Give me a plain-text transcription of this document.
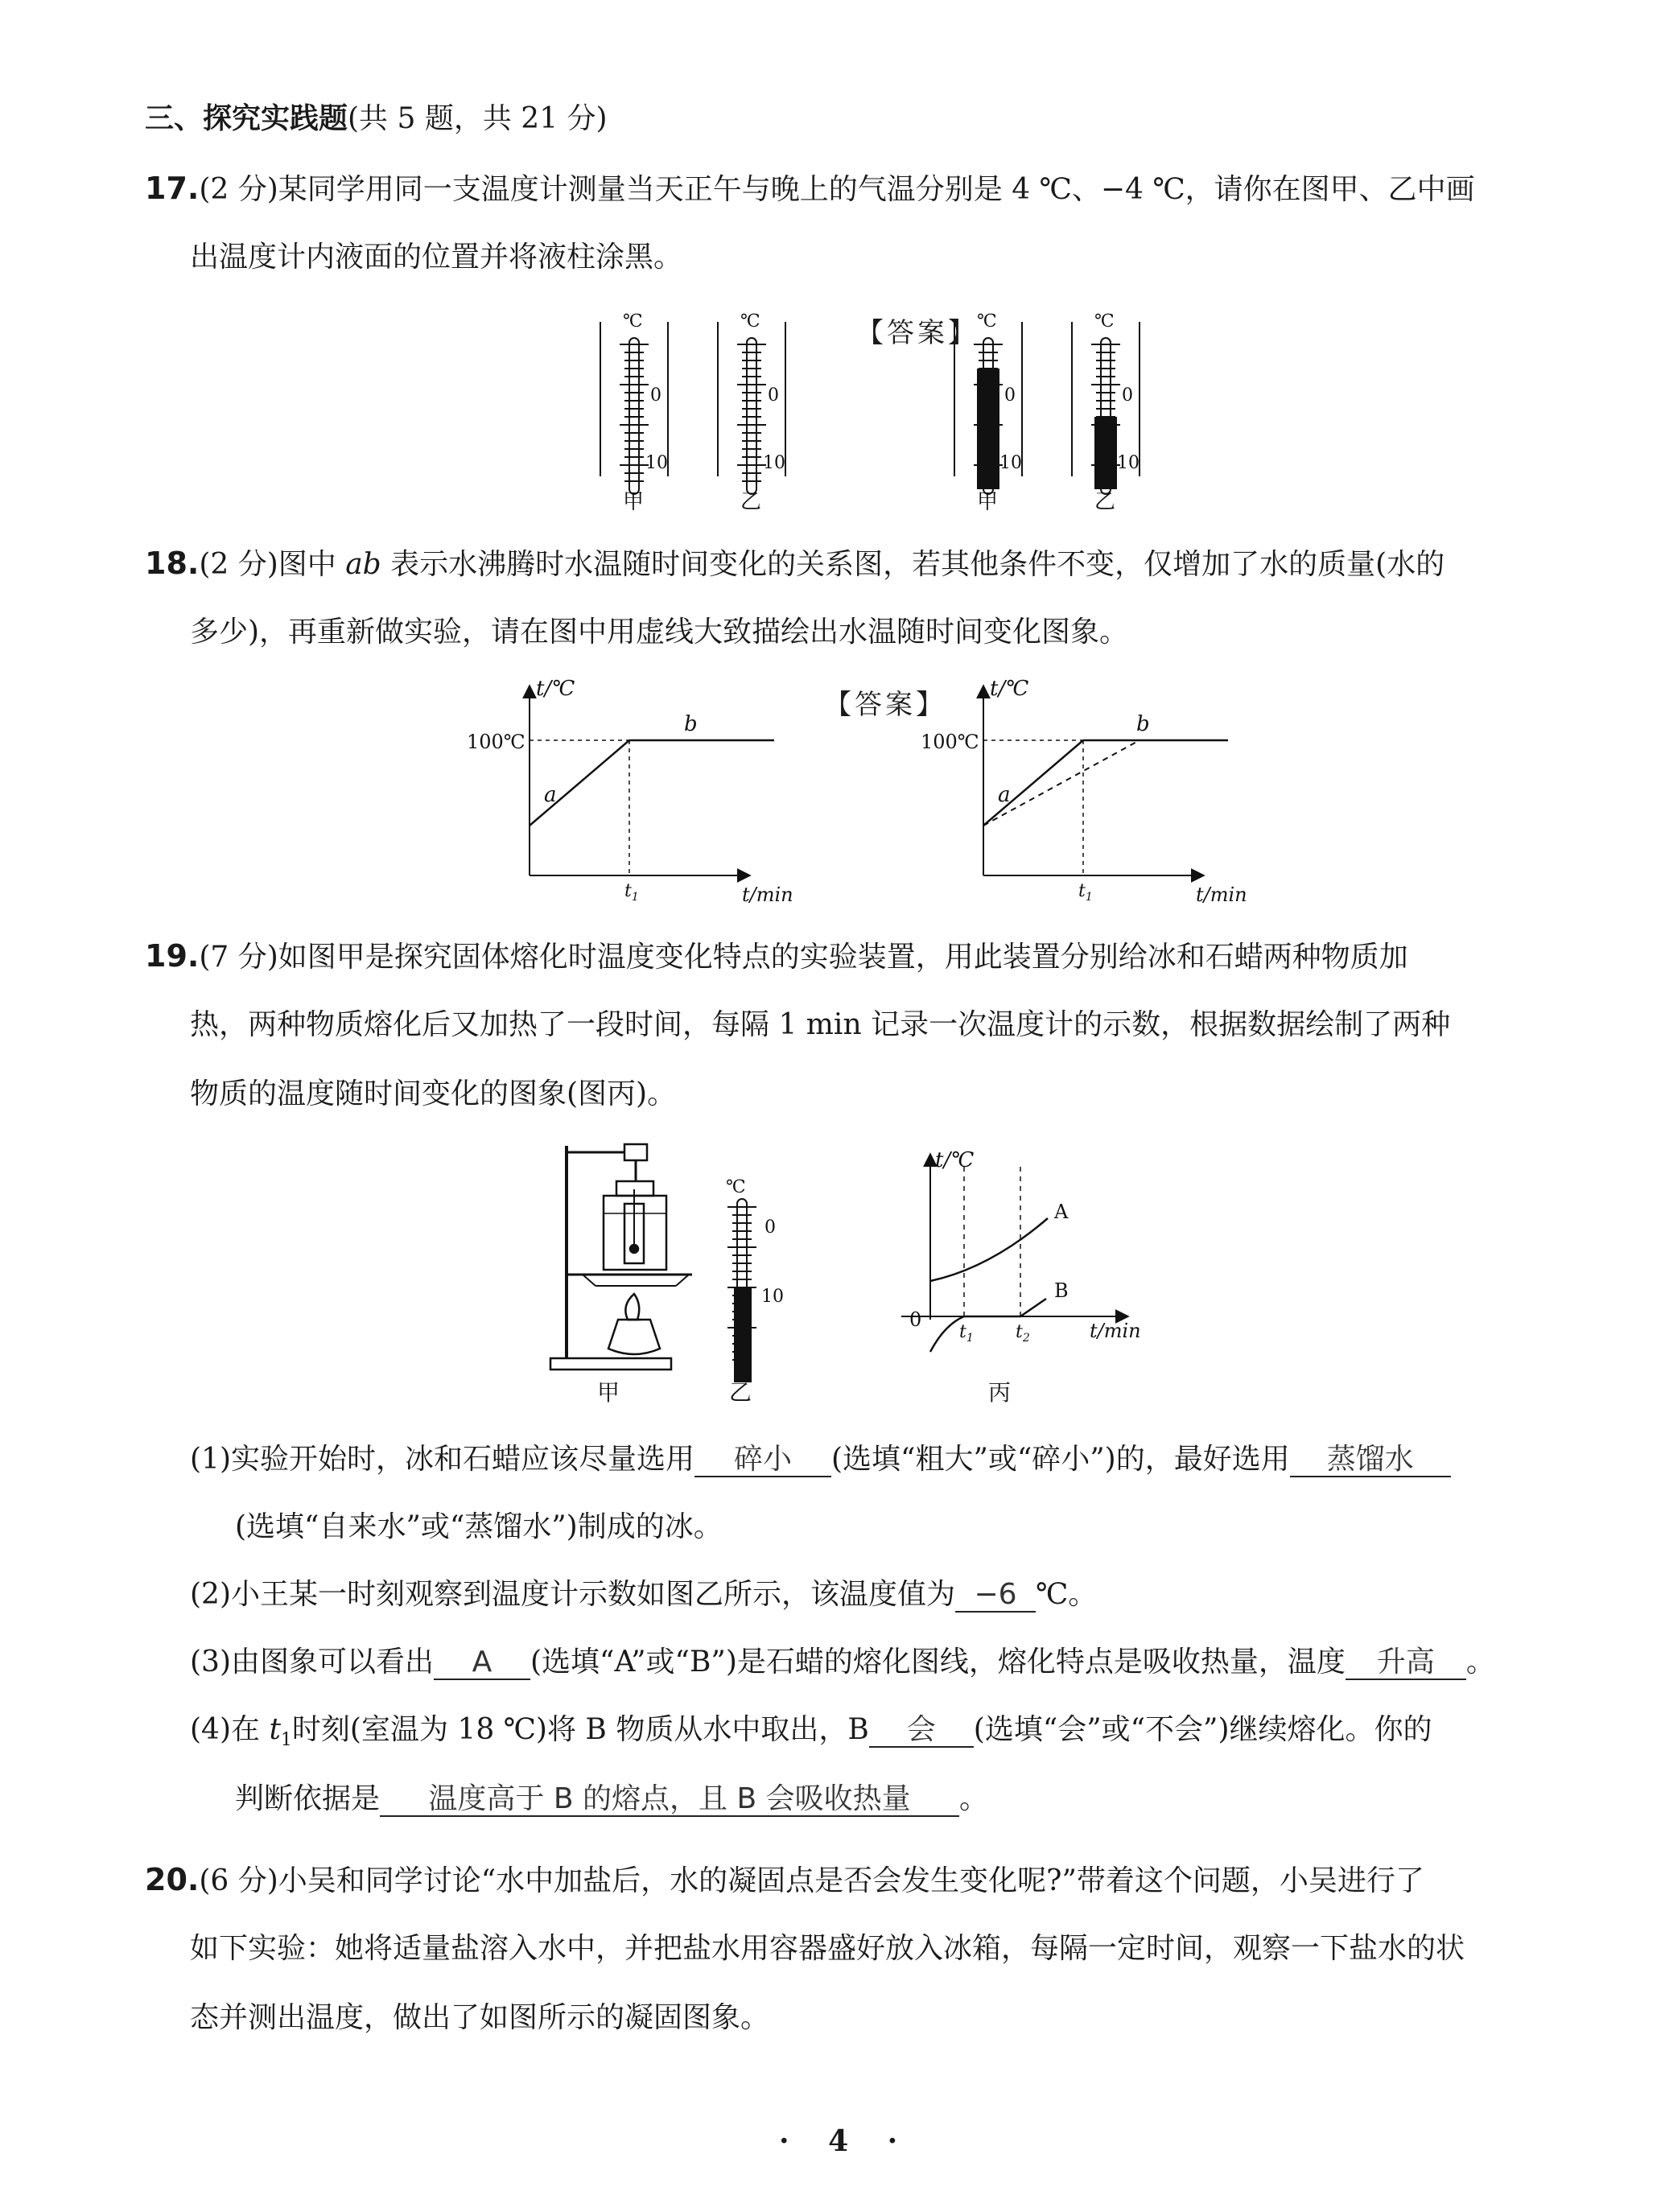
三、探究实践题(共 5 题，共 21 分)
17.(2 分)某同学用同一支温度计测量当天正午与晚上的气温分别是 4 ℃、−4 ℃，请你在图甲、乙中画
出温度计内液面的位置并将液柱涂黑。
℃
0
10
甲
℃
0
10
乙
℃
0
10
甲
℃
0
10
乙
【答案】
18.(2 分)图中 ab 表示水沸腾时水温随时间变化的关系图，若其他条件不变，仅增加了水的质量(水的
多少)，再重新做实验，请在图中用虚线大致描绘出水温随时间变化图象。
t/℃
100℃
a
b
$t_1$	t/min
t/℃
100℃
a
b
$t_1$	t/min
【答案】
19.(7 分)如图甲是探究固体熔化时温度变化特点的实验装置，用此装置分别给冰和石蜡两种物质加
热，两种物质熔化后又加热了一段时间，每隔 1 min 记录一次温度计的示数，根据数据绘制了两种
物质的温度随时间变化的图象(图丙)。
甲
℃
0
10
乙
t/℃
0
A
B
$t_1$ $t_2$	t/min
丙
(1)实验开始时，冰和石蜡应该尽量选用 碎小 (选填“粗大”或“碎小”)的，最好选用 蒸馏水
(选填“自来水”或“蒸馏水”)制成的冰。
(2)小王某一时刻观察到温度计示数如图乙所示，该温度值为 −6 ℃。
(3)由图象可以看出 A (选填“A”或“B”)是石蜡的熔化图线，熔化特点是吸收热量，温度 升高 。
(4)在 $t_1$时刻(室温为 18 ℃)将 B 物质从水中取出，B 会 (选填“会”或“不会”)继续熔化。你的
判断依据是 温度高于 B 的熔点，且 B 会吸收热量 。
20.(6 分)小吴和同学讨论“水中加盐后，水的凝固点是否会发生变化呢?”带着这个问题，小吴进行了
如下实验：她将适量盐溶入水中，并把盐水用容器盛好放入冰箱，每隔一定时间，观察一下盐水的状
态并测出温度，做出了如图所示的凝固图象。
· 4 ·
